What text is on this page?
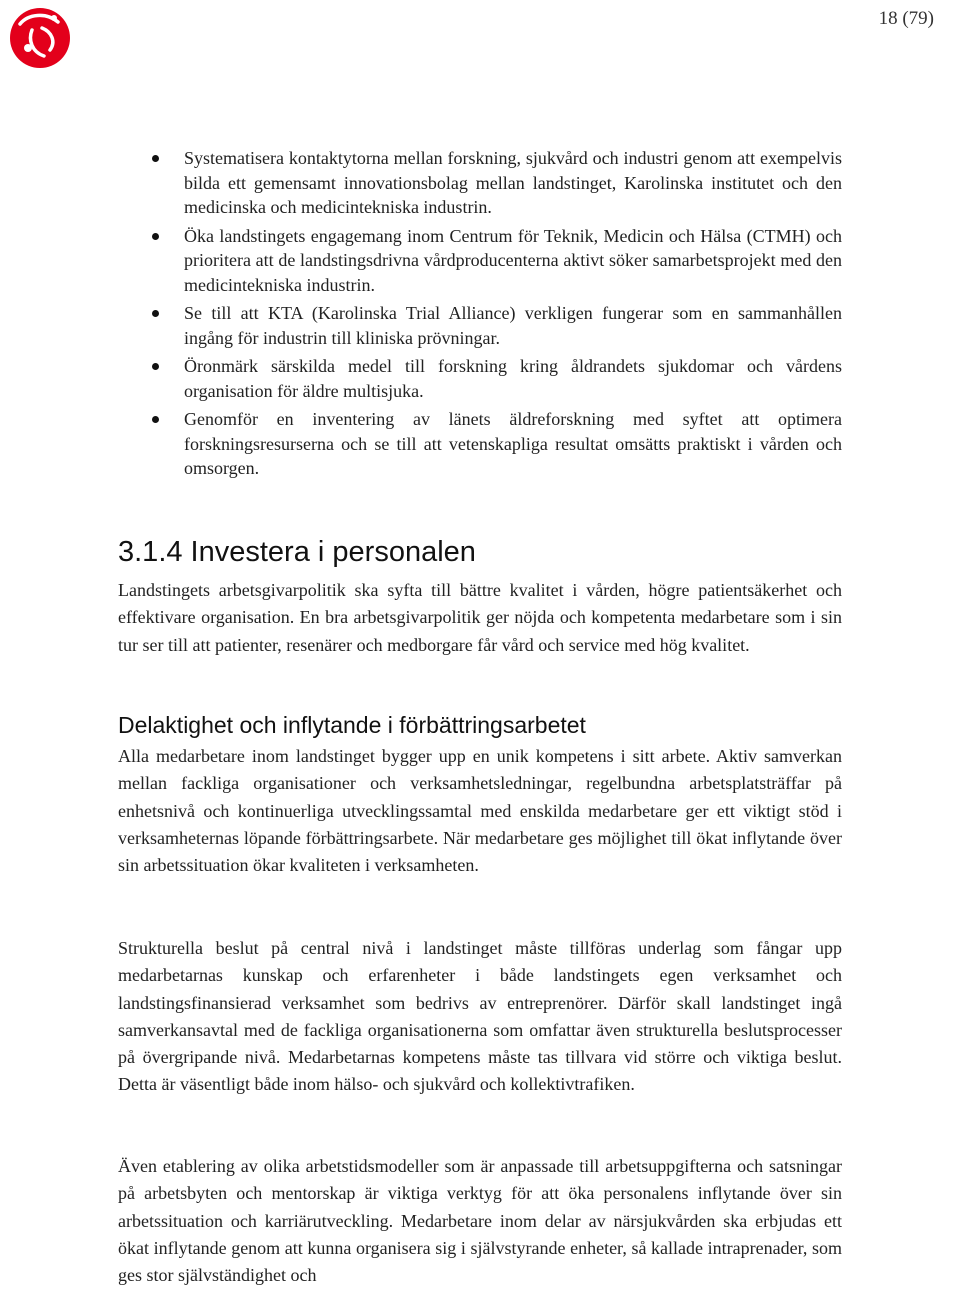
18 (79)
Systematisera kontaktytorna mellan forskning, sjukvård och industri genom att exempelvis bilda ett gemensamt innovationsbolag mellan landstinget, Karolinska institutet och den medicinska och medicintekniska industrin.
Öka landstingets engagemang inom Centrum för Teknik, Medicin och Hälsa (CTMH) och prioritera att de landstingsdrivna vårdproducenterna aktivt söker samarbetsprojekt med den medicintekniska industrin.
Se till att KTA (Karolinska Trial Alliance) verkligen fungerar som en sammanhållen ingång för industrin till kliniska prövningar.
Öronmärk särskilda medel till forskning kring åldrandets sjukdomar och vårdens organisation för äldre multisjuka.
Genomför en inventering av länets äldreforskning med syftet att optimera forskningsresurserna och se till att vetenskapliga resultat omsätts praktiskt i vården och omsorgen.
3.1.4 Investera i personalen

Landstingets arbetsgivarpolitik ska syfta till bättre kvalitet i vården, högre patientsäkerhet och effektivare organisation. En bra arbetsgivarpolitik ger nöjda och kompetenta medarbetare som i sin tur ser till att patienter, resenärer och medborgare får vård och service med hög kvalitet.

Delaktighet och inflytande i förbättringsarbetet

Alla medarbetare inom landstinget bygger upp en unik kompetens i sitt arbete. Aktiv samverkan mellan fackliga organisationer och verksamhetsledningar, regelbundna arbetsplatsträffar på enhetsnivå och kontinuerliga utvecklingssamtal med enskilda medarbetare ger ett viktigt stöd i verksamheternas löpande förbättringsarbete. När medarbetare ges möjlighet till ökat inflytande över sin arbetssituation ökar kvaliteten i verksamheten.

Strukturella beslut på central nivå i landstinget måste tillföras underlag som fångar upp medarbetarnas kunskap och erfarenheter i både landstingets egen verksamhet och landstingsfinansierad verksamhet som bedrivs av entreprenörer. Därför skall landstinget ingå samverkansavtal med de fackliga organisationerna som omfattar även strukturella beslutsprocesser på övergripande nivå. Medarbetarnas kompetens måste tas tillvara vid större och viktiga beslut. Detta är väsentligt både inom hälso- och sjukvård och kollektivtrafiken.

Även etablering av olika arbetstidsmodeller som är anpassade till arbetsuppgifterna och satsningar på arbetsbyten och mentorskap är viktiga verktyg för att öka personalens inflytande över sin arbetssituation och karriärutveckling. Medarbetare inom delar av närsjukvården ska erbjudas ett ökat inflytande genom att kunna organisera sig i självstyrande enheter, så kallade intraprenader, som ges stor självständighet och
